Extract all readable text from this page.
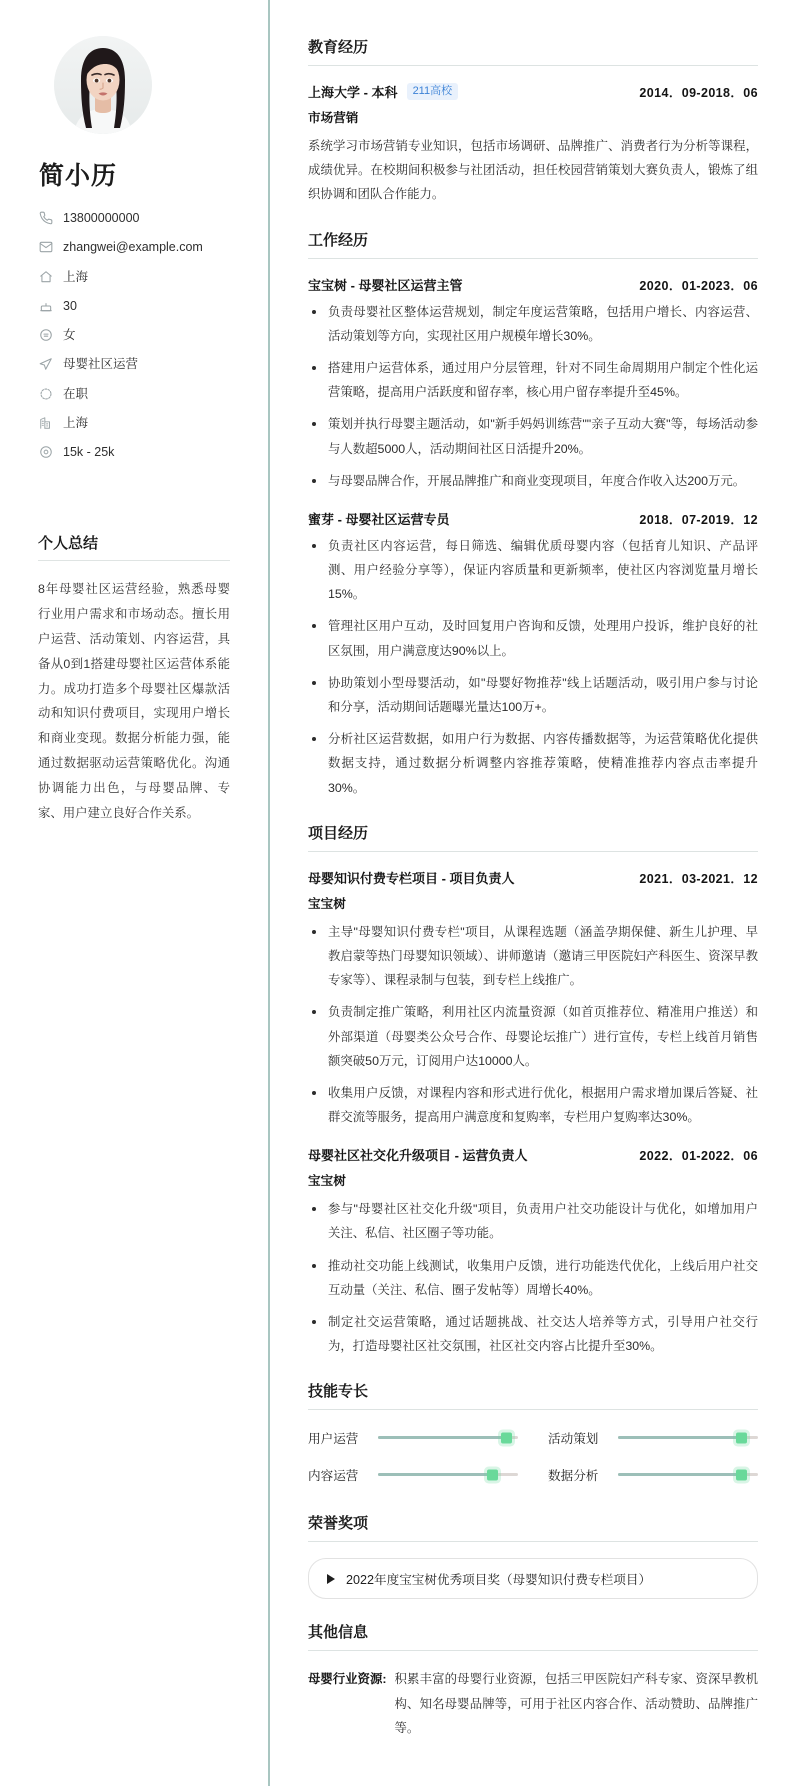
简小历
13800000000
zhangwei@example.com
上海
30
女
母婴社区运营
在职
上海
15k - 25k
个人总结

8年母婴社区运营经验，熟悉母婴行业用户需求和市场动态。擅长用户运营、活动策划、内容运营，具备从0到1搭建母婴社区运营体系能力。成功打造多个母婴社区爆款活动和知识付费项目，实现用户增长和商业变现。数据分析能力强，能通过数据驱动运营策略优化。沟通协调能力出色，与母婴品牌、专家、用户建立良好合作关系。

教育经历
上海大学 - 本科	211高校	2014．09-2018．06
市场营销

系统学习市场营销专业知识，包括市场调研、品牌推广、消费者行为分析等课程，成绩优异。在校期间积极参与社团活动，担任校园营销策划大赛负责人，锻炼了组织协调和团队合作能力。

工作经历
宝宝树 - 母婴社区运营主管	2020．01-2023．06
负责母婴社区整体运营规划，制定年度运营策略，包括用户增长、内容运营、活动策划等方向，实现社区用户规模年增长30%。
搭建用户运营体系，通过用户分层管理，针对不同生命周期用户制定个性化运营策略，提高用户活跃度和留存率，核心用户留存率提升至45%。
策划并执行母婴主题活动，如"新手妈妈训练营""亲子互动大赛"等，每场活动参与人数超5000人，活动期间社区日活提升20%。
与母婴品牌合作，开展品牌推广和商业变现项目，年度合作收入达200万元。
蜜芽 - 母婴社区运营专员	2018．07-2019．12
负责社区内容运营，每日筛选、编辑优质母婴内容（包括育儿知识、产品评测、用户经验分享等），保证内容质量和更新频率，使社区内容浏览量月增长15%。
管理社区用户互动，及时回复用户咨询和反馈，处理用户投诉，维护良好的社区氛围，用户满意度达90%以上。
协助策划小型母婴活动，如"母婴好物推荐"线上话题活动，吸引用户参与讨论和分享，活动期间话题曝光量达100万+。
分析社区运营数据，如用户行为数据、内容传播数据等，为运营策略优化提供数据支持，通过数据分析调整内容推荐策略，使精准推荐内容点击率提升30%。
项目经历
母婴知识付费专栏项目 - 项目负责人	2021．03-2021．12
宝宝树
主导"母婴知识付费专栏"项目，从课程选题（涵盖孕期保健、新生儿护理、早教启蒙等热门母婴知识领域）、讲师邀请（邀请三甲医院妇产科医生、资深早教专家等）、课程录制与包装，到专栏上线推广。
负责制定推广策略，利用社区内流量资源（如首页推荐位、精准用户推送）和外部渠道（母婴类公众号合作、母婴论坛推广）进行宣传，专栏上线首月销售额突破50万元，订阅用户达10000人。
收集用户反馈，对课程内容和形式进行优化，根据用户需求增加课后答疑、社群交流等服务，提高用户满意度和复购率，专栏用户复购率达30%。
母婴社区社交化升级项目 - 运营负责人	2022．01-2022．06
宝宝树
参与"母婴社区社交化升级"项目，负责用户社交功能设计与优化，如增加用户关注、私信、社区圈子等功能。
推动社交功能上线测试，收集用户反馈，进行功能迭代优化，上线后用户社交互动量（关注、私信、圈子发帖等）周增长40%。
制定社交运营策略，通过话题挑战、社交达人培养等方式，引导用户社交行为，打造母婴社区社交氛围，社区社交内容占比提升至30%。
技能专长
用户运营	活动策划
内容运营	数据分析
荣誉奖项
2022年度宝宝树优秀项目奖（母婴知识付费专栏项目）
其他信息
母婴行业资源: 积累丰富的母婴行业资源，包括三甲医院妇产科专家、资深早教机构、知名母婴品牌等，可用于社区内容合作、活动赞助、品牌推广等。
